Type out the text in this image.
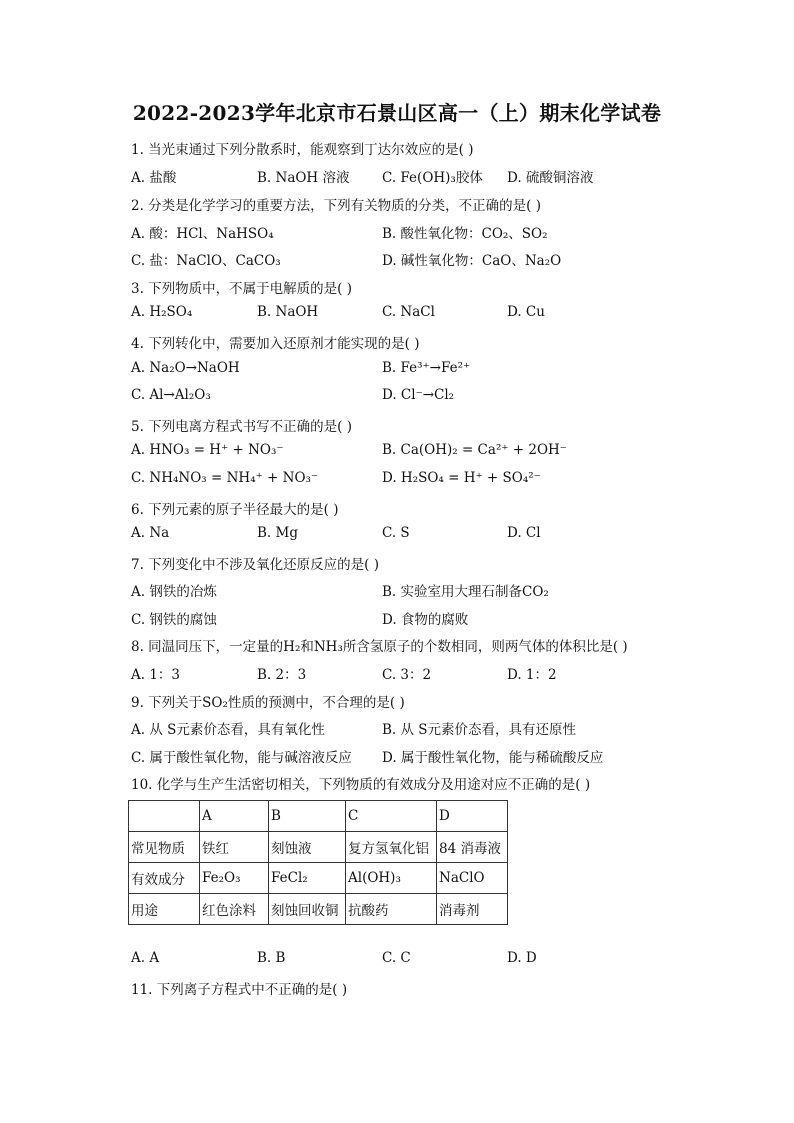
2022-2023学年北京市石景山区高一（上）期末化学试卷
1. 当光束通过下列分散系时，能观察到丁达尔效应的是( )
A. 盐酸	B. NaOH 溶液 C. Fe(OH)₃胶体 D. 硫酸铜溶液
2. 分类是化学学习的重要方法，下列有关物质的分类，不正确的是( )
A. 酸：HCl、NaHSO₄	B. 酸性氧化物：CO₂、SO₂
C. 盐：NaClO、CaCO₃	D. 碱性氧化物：CaO、Na₂O
3. 下列物质中，不属于电解质的是( )
A. H₂SO₄	B. NaOH	C. NaCl	D. Cu
4. 下列转化中，需要加入还原剂才能实现的是( )
A. Na₂O→NaOH	B. Fe³⁺→Fe²⁺
C. Al→Al₂O₃	D. Cl⁻→Cl₂
5. 下列电离方程式书写不正确的是( )
A. HNO₃ = H⁺ + NO₃⁻	B. Ca(OH)₂ = Ca²⁺ + 2OH⁻
C. NH₄NO₃ = NH₄⁺ + NO₃⁻	D. H₂SO₄ = H⁺ + SO₄²⁻
6. 下列元素的原子半径最大的是( )
A. Na	B. Mg	C. S	D. Cl
7. 下列变化中不涉及氧化还原反应的是( )
A. 钢铁的冶炼	B. 实验室用大理石制备CO₂
C. 钢铁的腐蚀	D. 食物的腐败
8. 同温同压下，一定量的H₂和NH₃所含氢原子的个数相同，则两气体的体积比是( )
A. 1：3	B. 2：3	C. 3：2	D. 1：2
9. 下列关于SO₂性质的预测中，不合理的是( )
A. 从 S元素价态看，具有氧化性	B. 从 S元素价态看，具有还原性
C. 属于酸性氧化物，能与碱溶液反应 D. 属于酸性氧化物，能与稀硫酸反应
10. 化学与生产生活密切相关，下列物质的有效成分及用途对应不正确的是( )
	A	B	C	D
常见物质	铁红	刻蚀液	复方氢氧化铝	84 消毒液
有效成分	Fe₂O₃	FeCl₂	Al(OH)₃	NaClO
用途	红色涂料	刻蚀回收铜	抗酸药	消毒剂
A. A	B. B	C. C	D. D
11. 下列离子方程式中不正确的是( )
